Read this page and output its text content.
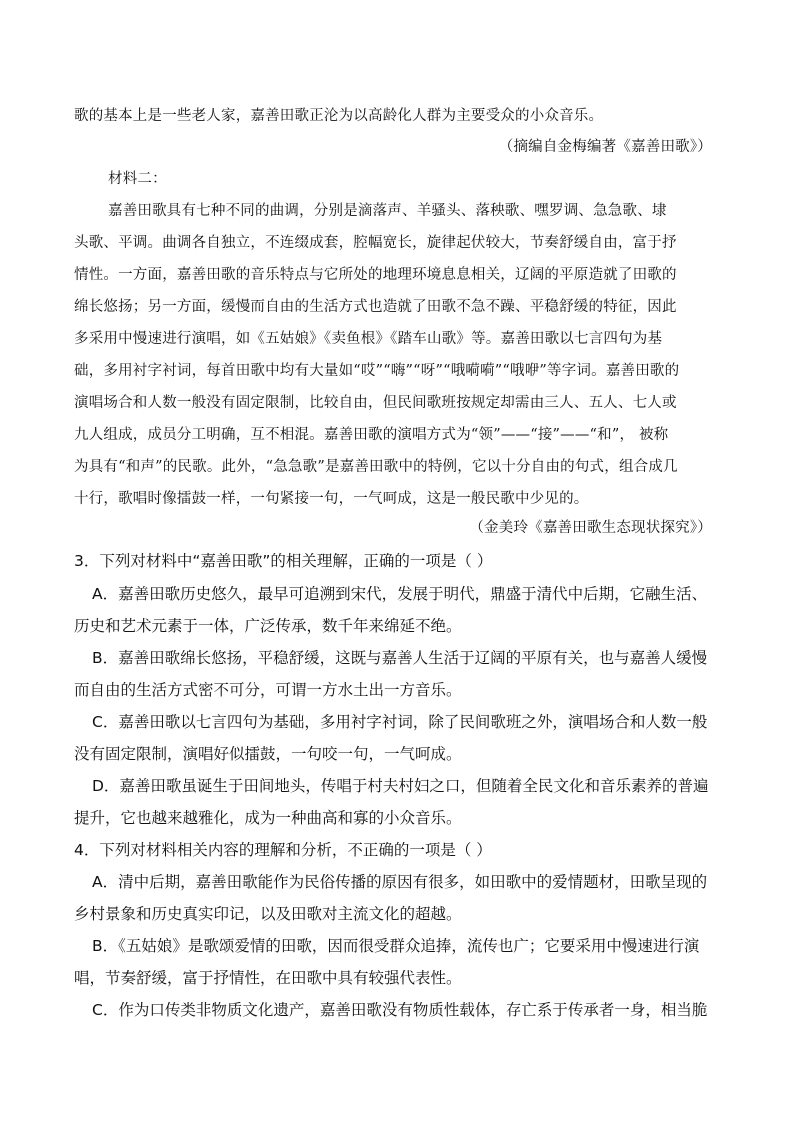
歌的基本上是一些老人家，嘉善田歌正沦为以高龄化人群为主要受众的小众音乐。
（摘编自金梅编著《嘉善田歌》）
材料二：
嘉善田歌具有七种不同的曲调，分别是滴落声、羊骚头、落秧歌、嘿罗调、急急歌、埭
头歌、平调。曲调各自独立，不连缀成套，腔幅宽长，旋律起伏较大，节奏舒缓自由，富于抒
情性。一方面，嘉善田歌的音乐特点与它所处的地理环境息息相关，辽阔的平原造就了田歌的
绵长悠扬；另一方面，缓慢而自由的生活方式也造就了田歌不急不躁、平稳舒缓的特征，因此
多采用中慢速进行演唱，如《五姑娘》《卖鱼根》《踏车山歌》等。嘉善田歌以七言四句为基
础，多用衬字衬词，每首田歌中均有大量如“哎”“嗨”“呀”“哦嗬嗬”“哦咿”等字词。嘉善田歌的
演唱场合和人数一般没有固定限制，比较自由，但民间歌班按规定却需由三人、五人、七人或
九人组成，成员分工明确，互不相混。嘉善田歌的演唱方式为“领”——“接”——“和”， 被称
为具有“和声”的民歌。此外，“急急歌”是嘉善田歌中的特例，它以十分自由的句式，组合成几
十行，歌唱时像擂鼓一样，一句紧接一句，一气呵成，这是一般民歌中少见的。
（金美玲《嘉善田歌生态现状探究》）
3．下列对材料中“嘉善田歌”的相关理解，正确的一项是（ ）
A．嘉善田歌历史悠久，最早可追溯到宋代，发展于明代，鼎盛于清代中后期，它融生活、
历史和艺术元素于一体，广泛传承，数千年来绵延不绝。
B．嘉善田歌绵长悠扬，平稳舒缓，这既与嘉善人生活于辽阔的平原有关，也与嘉善人缓慢
而自由的生活方式密不可分，可谓一方水土出一方音乐。
C．嘉善田歌以七言四句为基础，多用衬字衬词，除了民间歌班之外，演唱场合和人数一般
没有固定限制，演唱好似擂鼓，一句咬一句，一气呵成。
D．嘉善田歌虽诞生于田间地头，传唱于村夫村妇之口，但随着全民文化和音乐素养的普遍
提升，它也越来越雅化，成为一种曲高和寡的小众音乐。
4．下列对材料相关内容的理解和分析，不正确的一项是（ ）
A．清中后期，嘉善田歌能作为民俗传播的原因有很多，如田歌中的爱情题材，田歌呈现的
乡村景象和历史真实印记，以及田歌对主流文化的超越。
B．《五姑娘》是歌颂爱情的田歌，因而很受群众追捧，流传也广；它要采用中慢速进行演
唱，节奏舒缓，富于抒情性，在田歌中具有较强代表性。
C．作为口传类非物质文化遗产，嘉善田歌没有物质性载体，存亡系于传承者一身，相当脆
